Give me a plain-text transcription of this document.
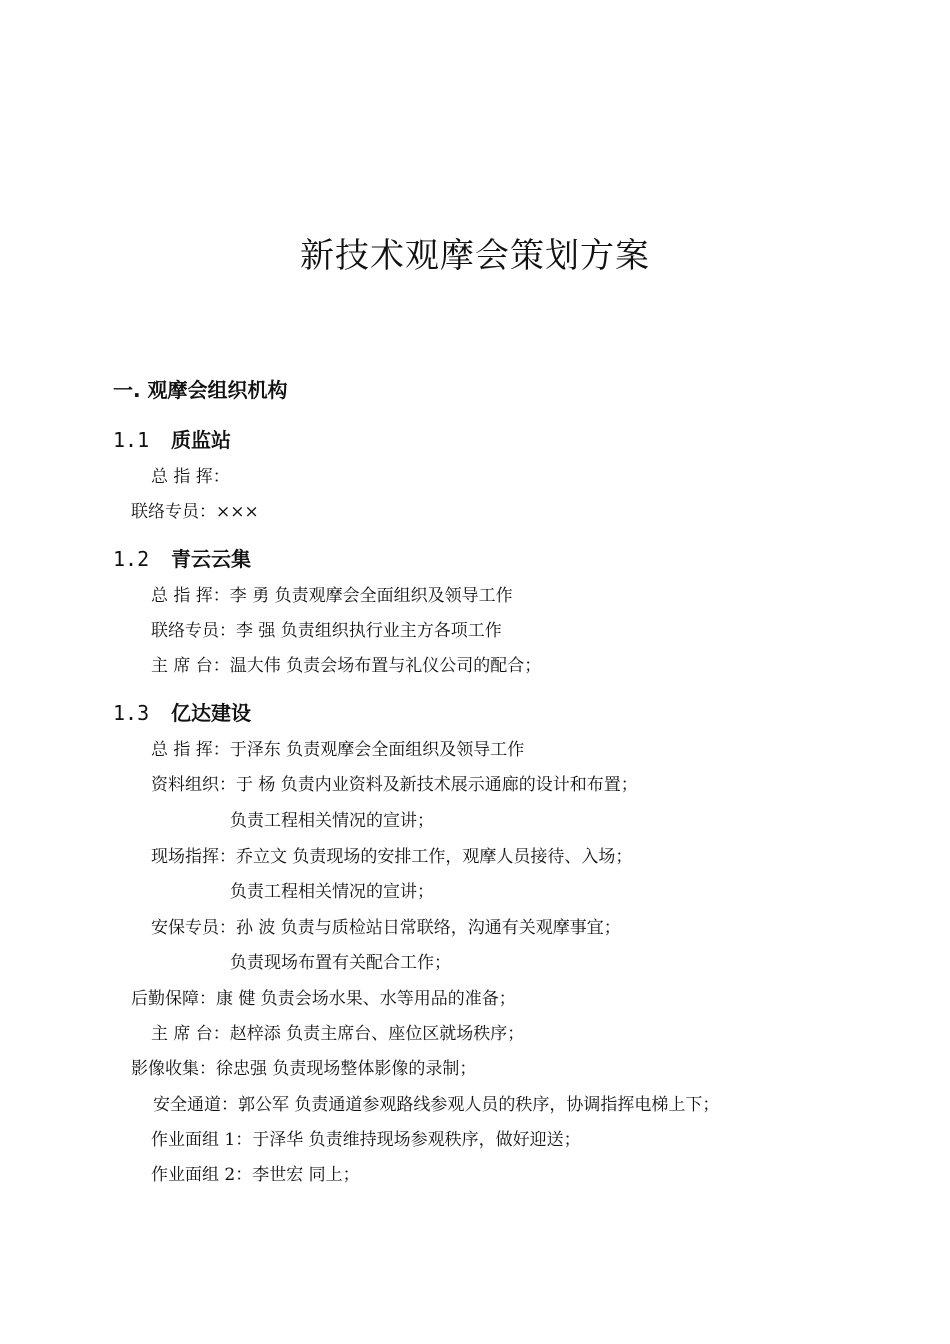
新技术观摩会策划方案
一. 观摩会组织机构
1.1 质监站

总 指 挥：

联络专员：×××

1.2 青云云集

总 指 挥：李 勇 负责观摩会全面组织及领导工作

联络专员：李 强 负责组织执行业主方各项工作

主 席 台：温大伟 负责会场布置与礼仪公司的配合；

1.3 亿达建设

总 指 挥：于泽东 负责观摩会全面组织及领导工作

资料组织：于 杨 负责内业资料及新技术展示通廊的设计和布置；

负责工程相关情况的宣讲；

现场指挥：乔立文 负责现场的安排工作，观摩人员接待、入场；

负责工程相关情况的宣讲；

安保专员：孙 波 负责与质检站日常联络，沟通有关观摩事宜；

负责现场布置有关配合工作；

后勤保障：康 健 负责会场水果、水等用品的准备；

主 席 台：赵梓添 负责主席台、座位区就场秩序；

影像收集：徐忠强 负责现场整体影像的录制；

安全通道：郭公军 负责通道参观路线参观人员的秩序，协调指挥电梯上下；

作业面组 1：于泽华 负责维持现场参观秩序，做好迎送；

作业面组 2：李世宏 同上；
